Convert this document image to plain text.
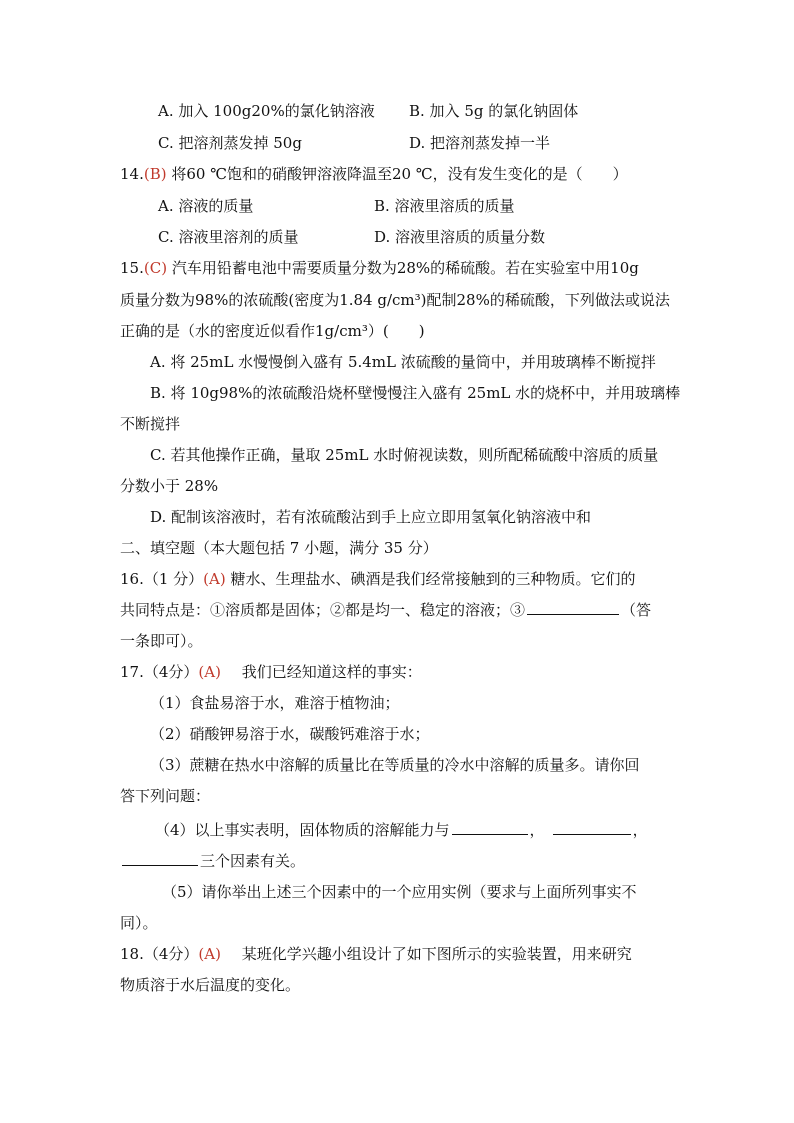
A. 加入 100g20%的氯化钠溶液 B. 加入 5g 的氯化钠固体
C. 把溶剂蒸发掉 50g	D. 把溶剂蒸发掉一半
14.(B) 将60 ℃饱和的硝酸钾溶液降温至20 ℃，没有发生变化的是（　　）
A. 溶液的质量	B. 溶液里溶质的质量
C. 溶液里溶剂的质量	D. 溶液里溶质的质量分数
15.(C) 汽车用铅蓄电池中需要质量分数为28%的稀硫酸。若在实验室中用10g
质量分数为98%的浓硫酸(密度为1.84 g/cm³)配制28%的稀硫酸，下列做法或说法
正确的是（水的密度近似看作1g/cm³）(　　)
A. 将 25mL 水慢慢倒入盛有 5.4mL 浓硫酸的量筒中，并用玻璃棒不断搅拌
B. 将 10g98%的浓硫酸沿烧杯壁慢慢注入盛有 25mL 水的烧杯中，并用玻璃棒
不断搅拌
C. 若其他操作正确，量取 25mL 水时俯视读数，则所配稀硫酸中溶质的质量
分数小于 28%
D. 配制该溶液时，若有浓硫酸沾到手上应立即用氢氧化钠溶液中和
二、填空题（本大题包括 7 小题，满分 35 分）
16.（1 分）(A) 糖水、生理盐水、碘酒是我们经常接触到的三种物质。它们的
共同特点是：①溶质都是固体；②都是均一、稳定的溶液；③	（答
一条即可）。
17.（4分）(A) 我们已经知道这样的事实：
（1）食盐易溶于水，难溶于植物油；
（2）硝酸钾易溶于水，碳酸钙难溶于水；
（3）蔗糖在热水中溶解的质量比在等质量的冷水中溶解的质量多。请你回
答下列问题：
（4）以上事实表明，固体物质的溶解能力与	，	，
三个因素有关。
（5）请你举出上述三个因素中的一个应用实例（要求与上面所列事实不
同）。
18.（4分）(A) 某班化学兴趣小组设计了如下图所示的实验装置，用来研究
物质溶于水后温度的变化。
